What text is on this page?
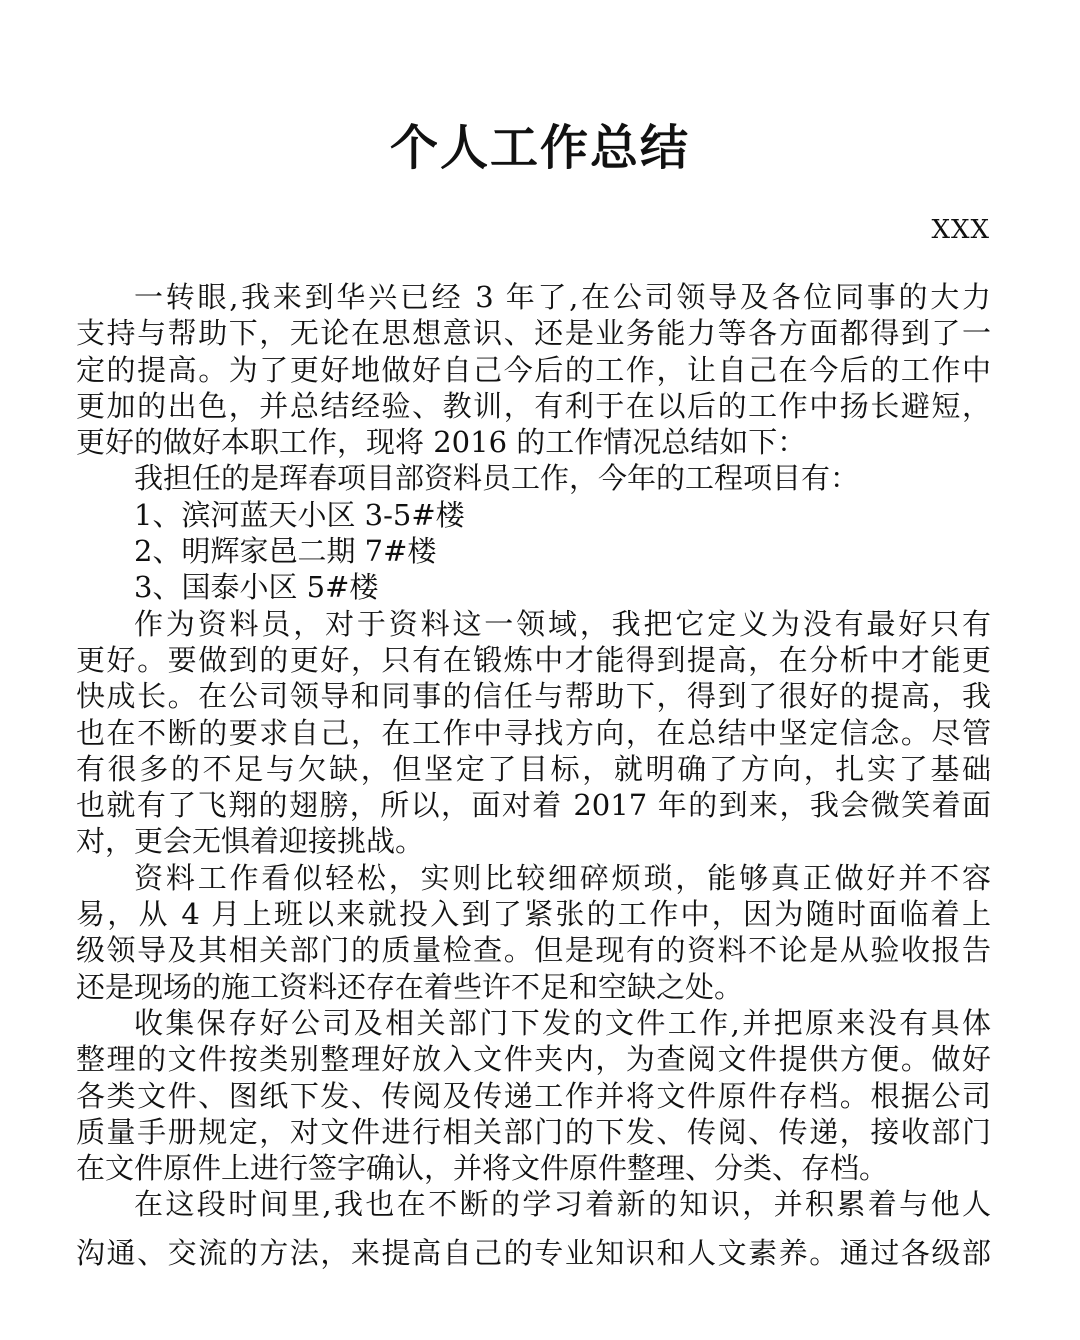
个人工作总结
XXX
一转眼,我来到华兴已经 3 年了,在公司领导及各位同事的大力
支持与帮助下，无论在思想意识、还是业务能力等各方面都得到了一
定的提高。为了更好地做好自己今后的工作，让自己在今后的工作中
更加的出色，并总结经验、教训，有利于在以后的工作中扬长避短，
更好的做好本职工作，现将 2016 的工作情况总结如下：
我担任的是珲春项目部资料员工作，今年的工程项目有：
1、滨河蓝天小区 3-5#楼
2、明辉家邑二期 7#楼
3、国泰小区 5#楼
作为资料员，对于资料这一领域，我把它定义为没有最好只有
更好。要做到的更好，只有在锻炼中才能得到提高，在分析中才能更
快成长。在公司领导和同事的信任与帮助下，得到了很好的提高，我
也在不断的要求自己，在工作中寻找方向，在总结中坚定信念。尽管
有很多的不足与欠缺，但坚定了目标，就明确了方向，扎实了基础
也就有了飞翔的翅膀，所以，面对着 2017 年的到来，我会微笑着面
对，更会无惧着迎接挑战。
资料工作看似轻松，实则比较细碎烦琐，能够真正做好并不容
易，从 4 月上班以来就投入到了紧张的工作中，因为随时面临着上
级领导及其相关部门的质量检查。但是现有的资料不论是从验收报告
还是现场的施工资料还存在着些许不足和空缺之处。
收集保存好公司及相关部门下发的文件工作,并把原来没有具体
整理的文件按类别整理好放入文件夹内，为查阅文件提供方便。做好
各类文件、图纸下发、传阅及传递工作并将文件原件存档。根据公司
质量手册规定，对文件进行相关部门的下发、传阅、传递，接收部门
在文件原件上进行签字确认，并将文件原件整理、分类、存档。
在这段时间里,我也在不断的学习着新的知识，并积累着与他人
沟通、交流的方法，来提高自己的专业知识和人文素养。通过各级部
